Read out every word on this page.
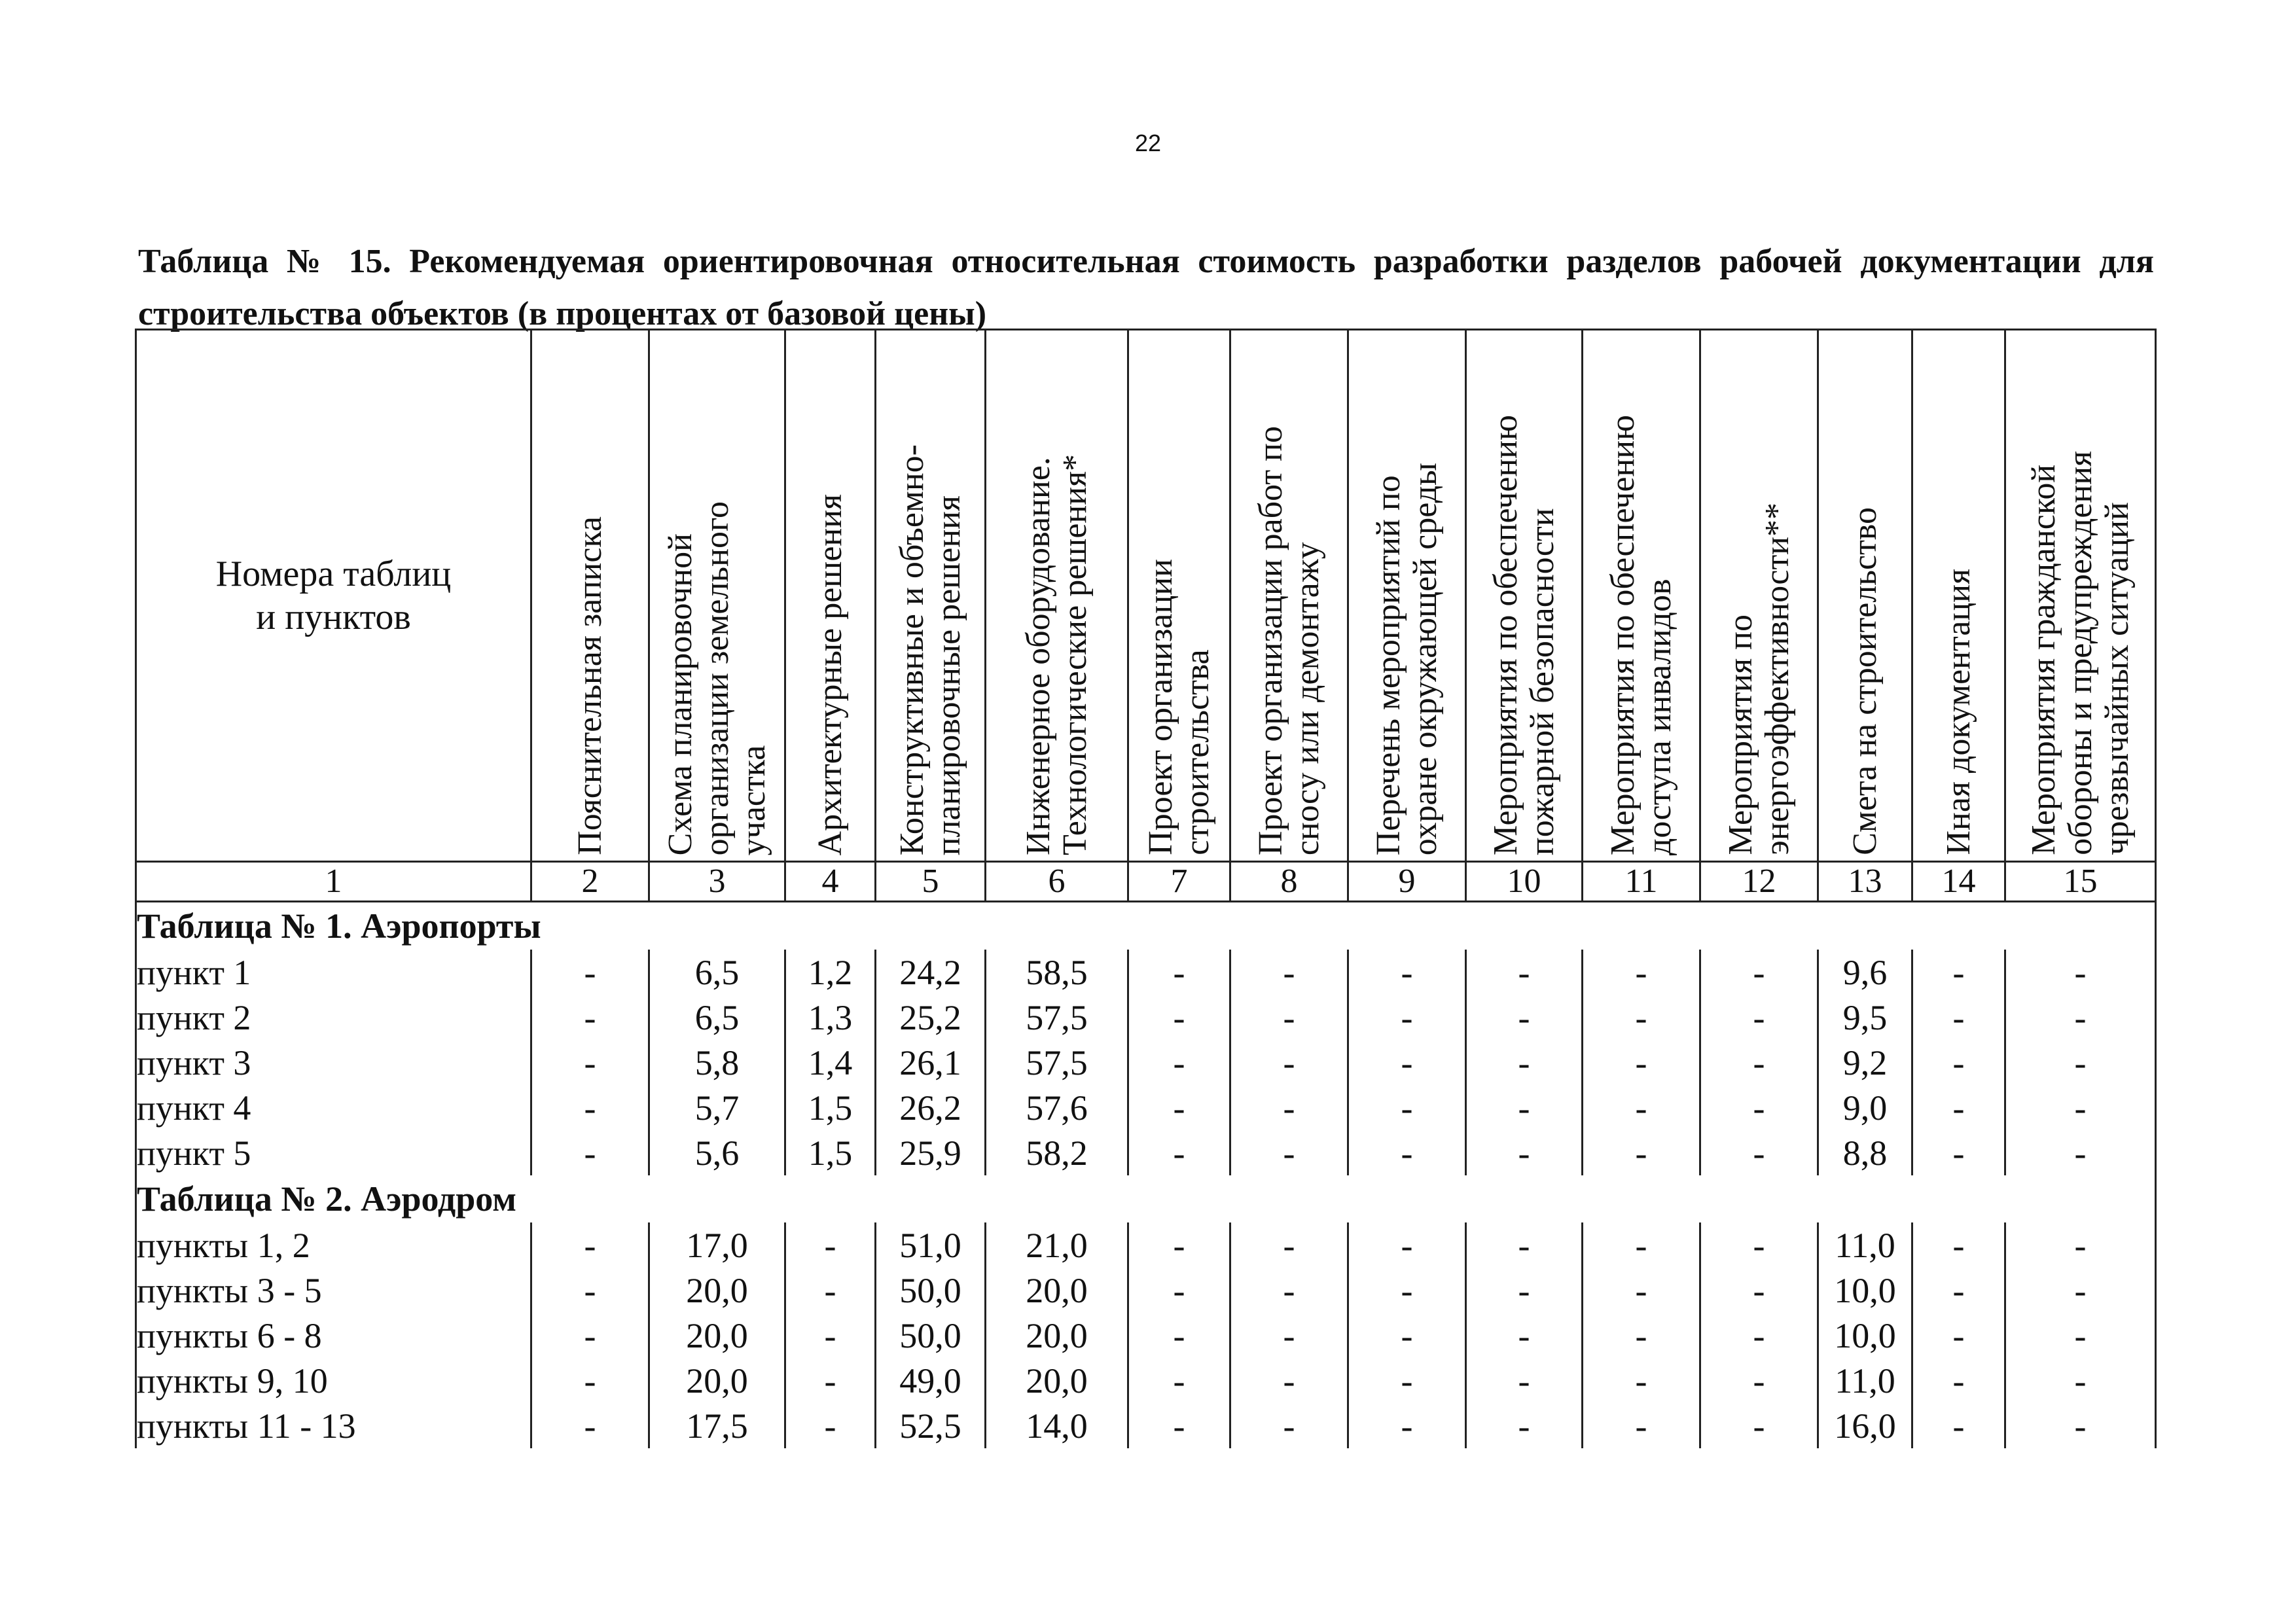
22
Таблица № 15. Рекомендуемая ориентировочная относительная стоимость разработки разделов рабочей документации для строительства объектов (в процентах от базовой цены)
Номера таблиц
и пунктов	Пояснительная записка	Схема планировочной
организации земельного
участка	Архитектурные решения	Конструктивные и объемно-
планировочные решения	Инженерное оборудование.
Технологические решения*	Проект организации
строительства	Проект организации работ по
сносу или демонтажу	Перечень мероприятий по
охране окружающей среды	Мероприятия по обеспечению
пожарной безопасности	Мероприятия по обеспечению
доступа инвалидов	Мероприятия по
энергоэффективности**	Смета на строительство	Иная документация	Мероприятия гражданской
обороны и предупреждения
чрезвычайных ситуаций

1	2	3	4	5	6	7	8	9	10	11	12	13	14	15
Таблица № 1. Аэропорты														
пункт 1	-	6,5	1,2	24,2	58,5	-	-	-	-	-	-	9,6	-	-
пункт 2	-	6,5	1,3	25,2	57,5	-	-	-	-	-	-	9,5	-	-
пункт 3	-	5,8	1,4	26,1	57,5	-	-	-	-	-	-	9,2	-	-
пункт 4	-	5,7	1,5	26,2	57,6	-	-	-	-	-	-	9,0	-	-
пункт 5	-	5,6	1,5	25,9	58,2	-	-	-	-	-	-	8,8	-	-
Таблица № 2. Аэродром														
пункты 1, 2	-	17,0	-	51,0	21,0	-	-	-	-	-	-	11,0	-	-
пункты 3 - 5	-	20,0	-	50,0	20,0	-	-	-	-	-	-	10,0	-	-
пункты 6 - 8	-	20,0	-	50,0	20,0	-	-	-	-	-	-	10,0	-	-
пункты 9, 10	-	20,0	-	49,0	20,0	-	-	-	-	-	-	11,0	-	-
пункты 11 - 13	-	17,5	-	52,5	14,0	-	-	-	-	-	-	16,0	-	-
